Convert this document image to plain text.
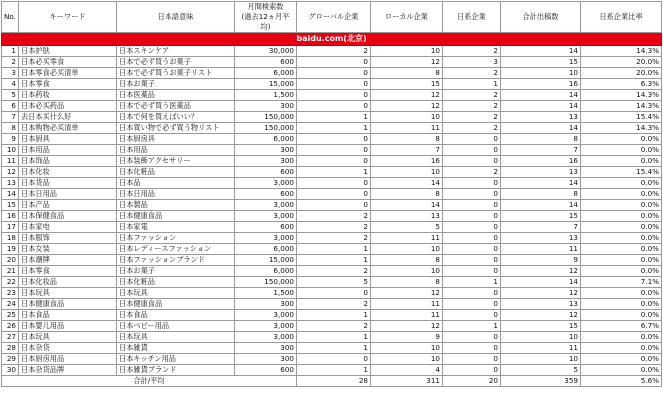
baidu.com(北京)								
No.	キーワード	日本語意味	月間検索数
(過去12ヵ月平均)	グローバル企業	ローカル企業	日系企業	合計出稿数	日系企業比率
1	日本护肤	日本スキンケア	30,000	2	10	2	14	14.3%
2	日本必买零食	日本で必ず買うお菓子	600	0	12	3	15	20.0%
3	日本零食必买清单	日本で必ず買うお菓子リスト	6,000	0	8	2	10	20.0%
4	日本零食	日本お菓子	15,000	0	15	1	16	6.3%
5	日本药妆	日本医薬品	1,500	0	12	2	14	14.3%
6	日本必买药品	日本で必ず買う医薬品	300	0	12	2	14	14.3%
7	去日本买什么好	日本で何を買えばいい？	150,000	1	10	2	13	15.4%
8	日本购物必买清单	日本買い物で必ず買う物リスト	150,000	1	11	2	14	14.3%
9	日本厨具	日本厨房具	6,000	0	8	0	8	0.0%
10	日本用品	日本用品	300	0	7	0	7	0.0%
11	日本饰品	日本装飾アクセサリー	300	0	16	0	16	0.0%
12	日本化妆	日本化粧品	600	1	10	2	13	15.4%
13	日本货品	日本品	3,000	0	14	0	14	0.0%
14	日本日用品	日本日用品	600	0	8	0	8	0.0%
15	日本产品	日本製品	3,000	0	14	0	14	0.0%
16	日本保健食品	日本健康食品	3,000	2	13	0	15	0.0%
17	日本家电	日本家電	600	2	5	0	7	0.0%
18	日本服饰	日本ファッション	3,000	2	11	0	13	0.0%
19	日本女装	日本レディースファッション	6,000	1	10	0	11	0.0%
20	日本潮牌	日本ファッションブランド	15,000	1	8	0	9	0.0%
21	日本零食	日本お菓子	6,000	2	10	0	12	0.0%
22	日本化妆品	日本化粧品	150,000	5	8	1	14	7.1%
23	日本玩具	日本玩具	1,500	0	12	0	12	0.0%
24	日本健康食品	日本健康食品	300	2	11	0	13	0.0%
25	日本食品	日本食品	3,000	1	11	0	12	0.0%
26	日本婴儿用品	日本ベビー用品	3,000	2	12	1	15	6.7%
27	日本玩具	日本玩具	3,000	1	9	0	10	0.0%
28	日本杂货	日本雑貨	300	1	10	0	11	0.0%
29	日本厨房用品	日本キッチン用品	300	0	10	0	10	0.0%
30	日本杂货品牌	日本雑貨ブランド	600	1	4	0	5	0.0%
合計/平均				28	311	20	359	5.6%
